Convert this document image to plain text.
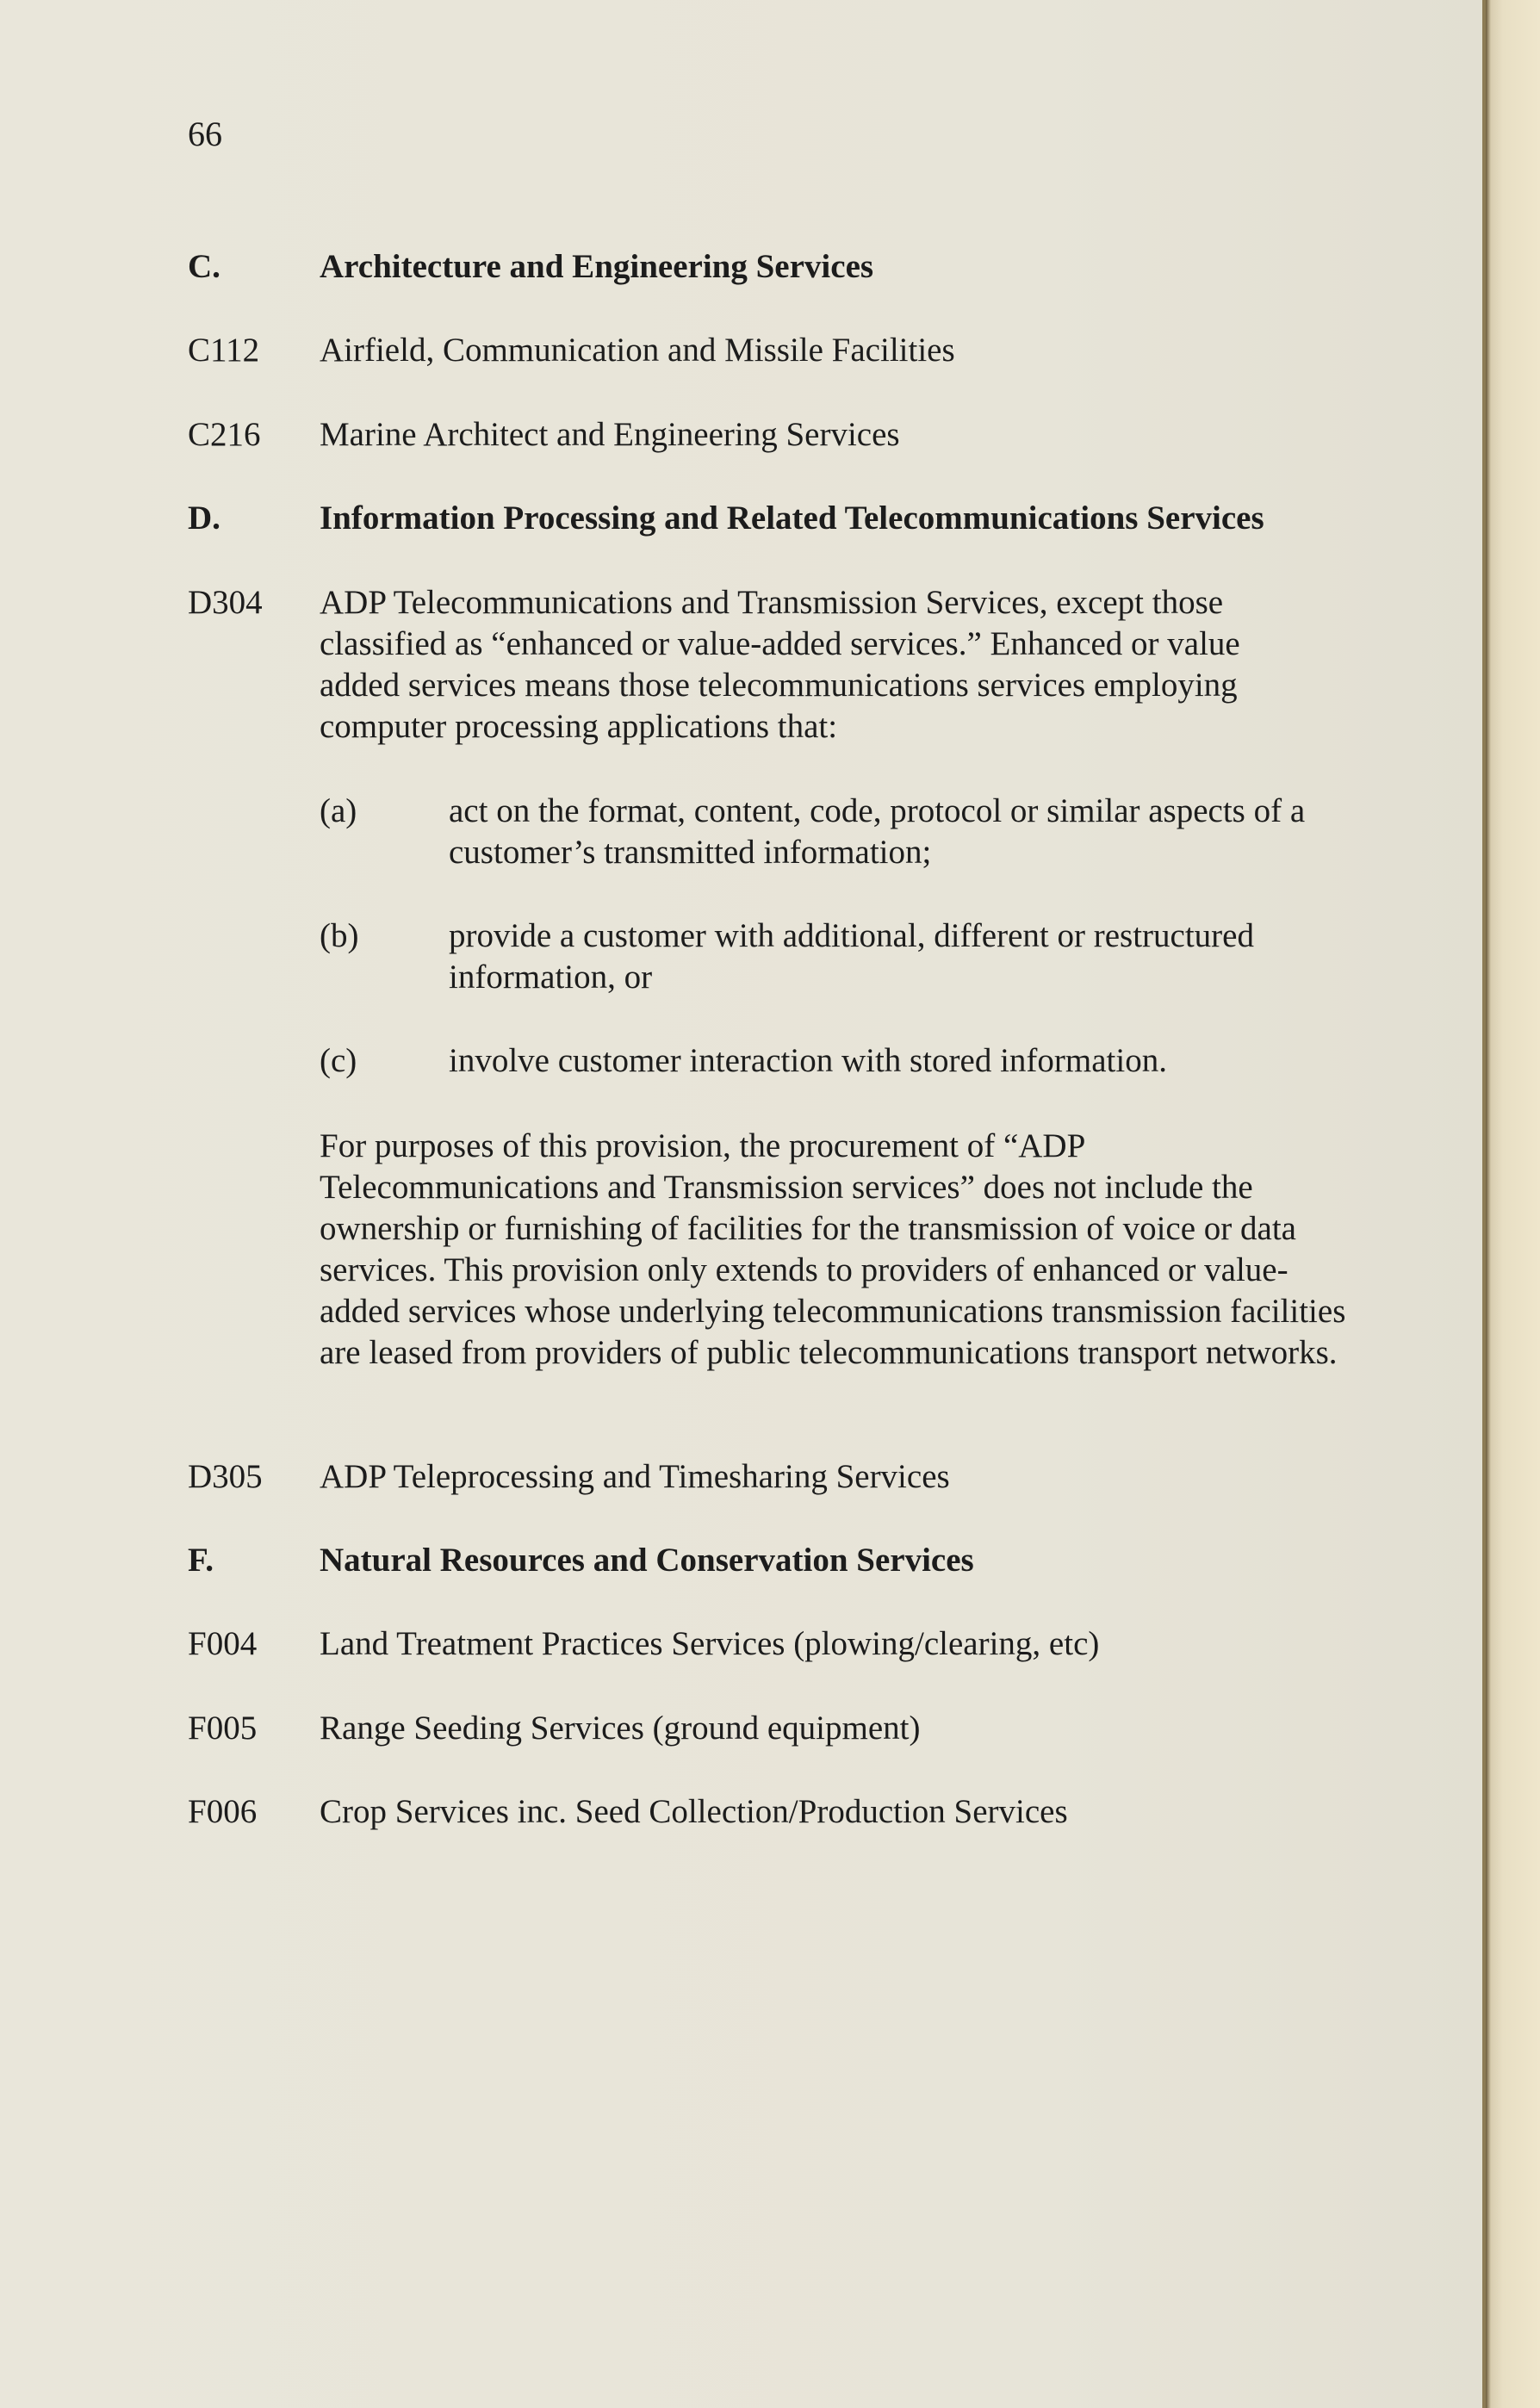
66
C.	Architecture and Engineering Services
C112	Airfield, Communication and Missile Facilities
C216	Marine Architect and Engineering Services
D.	Information Processing and Related Telecommunications Services
D304	ADP Telecommunications and Transmission Services, except those classified as “enhanced or value-added services.” Enhanced or value added services means those telecommunications services employing computer processing applications that:
(a)	act on the format, content, code, protocol or similar aspects of a customer’s transmitted information;
(b)	provide a customer with additional, different or restructured information, or
(c)	involve customer interaction with stored information.
For purposes of this provision, the procurement of “ADP Telecommunications and Transmission services” does not include the ownership or furnishing of facilities for the transmission of voice or data services. This provision only extends to providers of enhanced or value-added services whose underlying telecommunications transmission facilities are leased from providers of public telecommunications transport networks.
D305	ADP Teleprocessing and Timesharing Services
F.	Natural Resources and Conservation Services
F004	Land Treatment Practices Services (plowing/clearing, etc)
F005	Range Seeding Services (ground equipment)
F006	Crop Services inc. Seed Collection/Production Services
